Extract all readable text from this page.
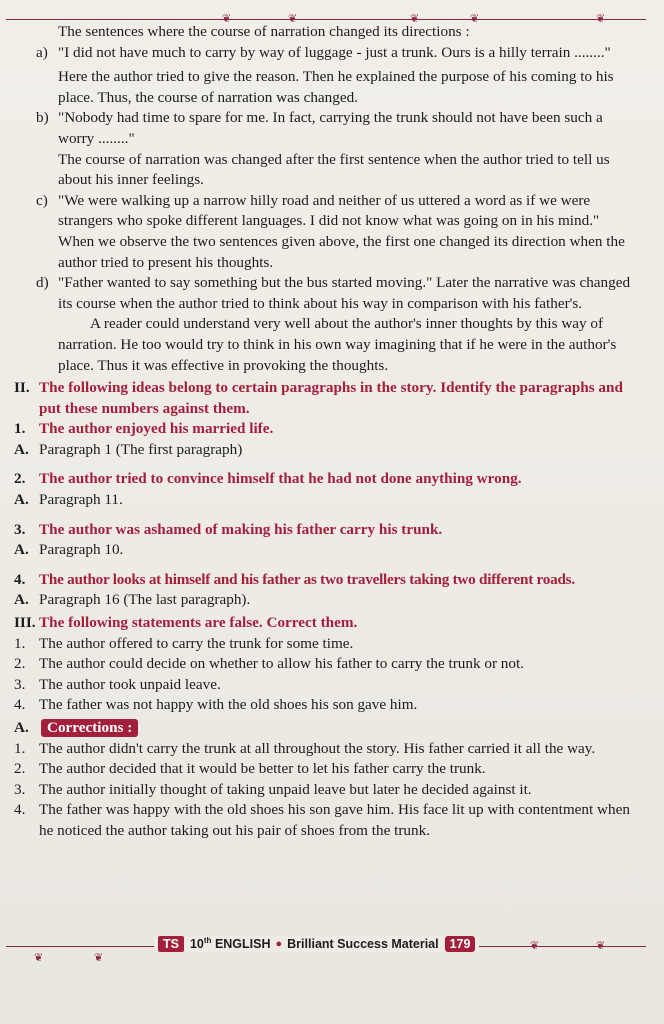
❦	❦	❦	❦	❦

The sentences where the course of narration changed its directions :

a) "I did not have much to carry by way of luggage - just a trunk. Ours is a hilly terrain ........"

Here the author tried to give the reason. Then he explained the purpose of his coming to his place. Thus, the course of narration was changed.

b) "Nobody had time to spare for me. In fact, carrying the trunk should not have been such a worry ........"

The course of narration was changed after the first sentence when the author tried to tell us about his inner feelings.

c) "We were walking up a narrow hilly road and neither of us uttered a word as if we were strangers who spoke different languages. I did not know what was going on in his mind."

When we observe the two sentences given above, the first one changed its direction when the author tried to present his thoughts.

d) "Father wanted to say something but the bus started moving." Later the narrative was changed its course when the author tried to think about his way in comparison with his father's.

A reader could understand very well about the author's inner thoughts by this way of narration. He too would try to think in his own way imagining that if he were in the author's place. Thus it was effective in provoking the thoughts.

II. The following ideas belong to certain paragraphs in the story. Identify the paragraphs and put these numbers against them.
1. The author enjoyed his married life.
A. Paragraph 1 (The first paragraph)
2. The author tried to convince himself that he had not done anything wrong.
A. Paragraph 11.
3. The author was ashamed of making his father carry his trunk.
A. Paragraph 10.
4. The author looks at himself and his father as two travellers taking two different roads.
A. Paragraph 16 (The last paragraph).
III. The following statements are false. Correct them.
1. The author offered to carry the trunk for some time.
2. The author could decide on whether to allow his father to carry the trunk or not.
3. The author took unpaid leave.
4. The father was not happy with the old shoes his son gave him.
A.	Corrections :
1. The author didn't carry the trunk at all throughout the story. His father carried it all the way.
2. The author decided that it would be better to let his father carry the trunk.
3. The author initially thought of taking unpaid leave but later he decided against it.
4. The father was happy with the old shoes his son gave him. His face lit up with contentment when he noticed the author taking out his pair of shoes from the trunk.
❦	❦
❦	❦
TS 10th ENGLISH ● Brilliant Success Material 179
